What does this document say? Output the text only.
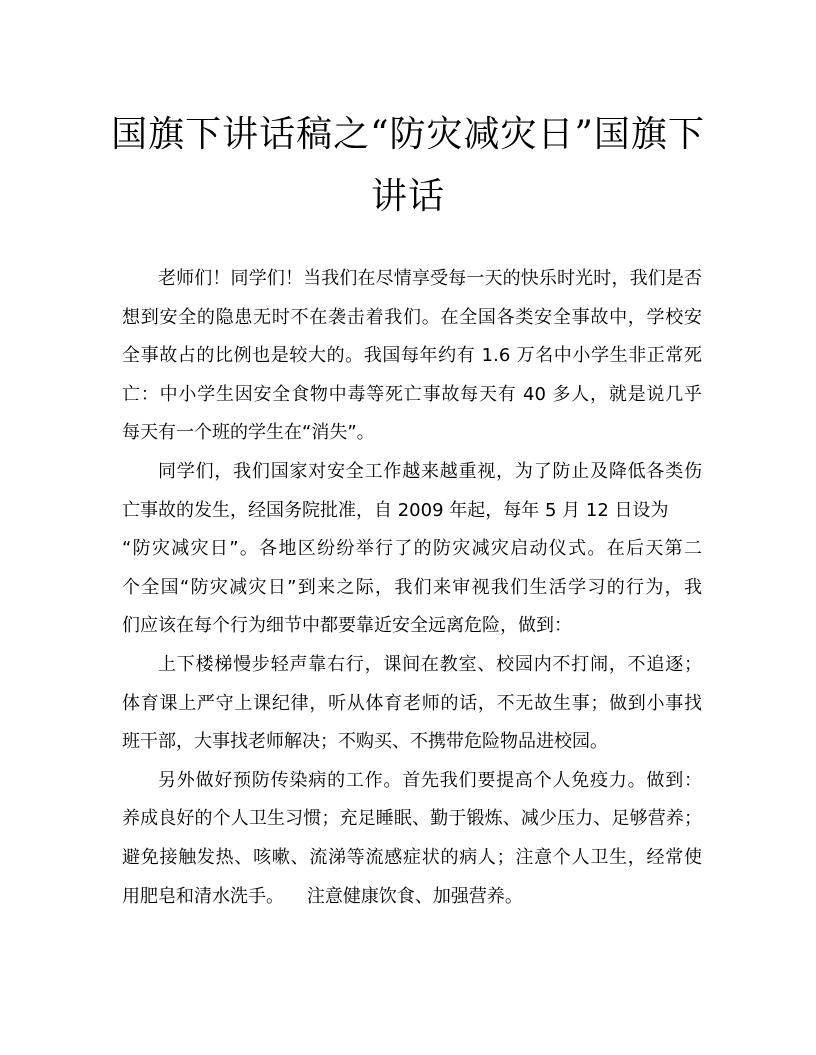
国旗下讲话稿之“防灾减灾日”国旗下
讲话
老师们！同学们！当我们在尽情享受每一天的快乐时光时，我们是否
想到安全的隐患无时不在袭击着我们。在全国各类安全事故中，学校安
全事故占的比例也是较大的。我国每年约有 1.6 万名中小学生非正常死
亡：中小学生因安全食物中毒等死亡事故每天有 40 多人，就是说几乎
每天有一个班的学生在“消失”。
同学们，我们国家对安全工作越来越重视，为了防止及降低各类伤
亡事故的发生，经国务院批准，自 2009 年起，每年 5 月 12 日设为
“防灾减灾日”。各地区纷纷举行了的防灾减灾启动仪式。在后天第二
个全国“防灾减灾日”到来之际，我们来审视我们生活学习的行为，我
们应该在每个行为细节中都要靠近安全远离危险，做到：
上下楼梯慢步轻声靠右行，课间在教室、校园内不打闹，不追逐；
体育课上严守上课纪律，听从体育老师的话，不无故生事；做到小事找
班干部，大事找老师解决；不购买、不携带危险物品进校园。
另外做好预防传染病的工作。首先我们要提高个人免疫力。做到：
养成良好的个人卫生习惯；充足睡眠、勤于锻炼、减少压力、足够营养；
避免接触发热、咳嗽、流涕等流感症状的病人；注意个人卫生，经常使
用肥皂和清水洗手。    注意健康饮食、加强营养。
